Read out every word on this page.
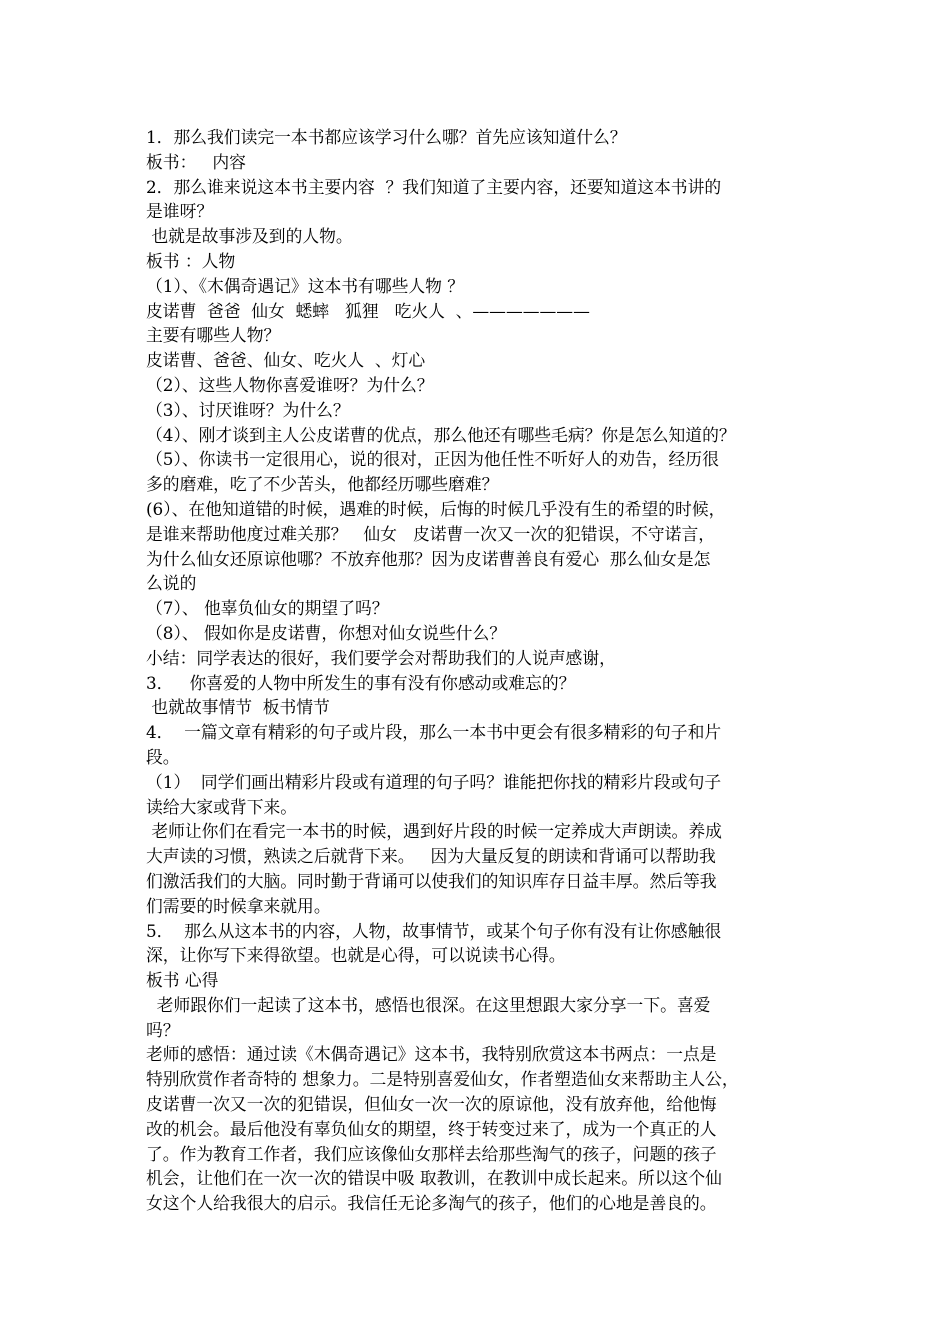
1．那么我们读完一本书都应该学习什么哪？首先应该知道什么？
板书：   内容
2．那么谁来说这本书主要内容  ？我们知道了主要内容，还要知道这本书讲的
是谁呀？
也就是故事涉及到的人物。
板书 ：人物
（1）、《木偶奇遇记》这本书有哪些人物 ？
皮诺曹  爸爸  仙女  蟋蟀   狐狸   吃火人  、———————
主要有哪些人物？
皮诺曹、爸爸、仙女、吃火人  、灯心
（2）、这些人物你喜爱谁呀？为什么？
（3）、讨厌谁呀？为什么？
（4）、刚才谈到主人公皮诺曹的优点，那么他还有哪些毛病？你是怎么知道的？
（5）、你读书一定很用心，说的很对，正因为他任性不听好人的劝告，经历很
多的磨难，吃了不少苦头，他都经历哪些磨难？
(6）、在他知道错的时候，遇难的时候，后悔的时候几乎没有生的希望的时候，
是谁来帮助他度过难关那？   仙女   皮诺曹一次又一次的犯错误，不守诺言，
为什么仙女还原谅他哪？不放弃他那？因为皮诺曹善良有爱心  那么仙女是怎
么说的
（7）、 他辜负仙女的期望了吗？
（8）、 假如你是皮诺曹，你想对仙女说些什么？
小结：同学表达的很好，我们要学会对帮助我们的人说声感谢，
3．   你喜爱的人物中所发生的事有没有你感动或难忘的？
也就故事情节  板书情节
4．  一篇文章有精彩的句子或片段，那么一本书中更会有很多精彩的句子和片
段。
（1）  同学们画出精彩片段或有道理的句子吗？谁能把你找的精彩片段或句子
读给大家或背下来。
老师让你们在看完一本书的时候，遇到好片段的时候一定养成大声朗读。养成
大声读的习惯，熟读之后就背下来。   因为大量反复的朗读和背诵可以帮助我
们激活我们的大脑。同时勤于背诵可以使我们的知识库存日益丰厚。然后等我
们需要的时候拿来就用。
5．  那么从这本书的内容，人物，故事情节，或某个句子你有没有让你感触很
深，让你写下来得欲望。也就是心得，可以说读书心得。
板书 心得
老师跟你们一起读了这本书，感悟也很深。在这里想跟大家分享一下。喜爱
吗？
老师的感悟：通过读《木偶奇遇记》这本书，我特别欣赏这本书两点：一点是
特别欣赏作者奇特的 想象力。二是特别喜爱仙女，作者塑造仙女来帮助主人公，
皮诺曹一次又一次的犯错误，但仙女一次一次的原谅他，没有放弃他，给他悔
改的机会。最后他没有辜负仙女的期望，终于转变过来了，成为一个真正的人
了。作为教育工作者，我们应该像仙女那样去给那些淘气的孩子，问题的孩子
机会，让他们在一次一次的错误中吸 取教训，在教训中成长起来。所以这个仙
女这个人给我很大的启示。我信任无论多淘气的孩子，他们的心地是善良的。
